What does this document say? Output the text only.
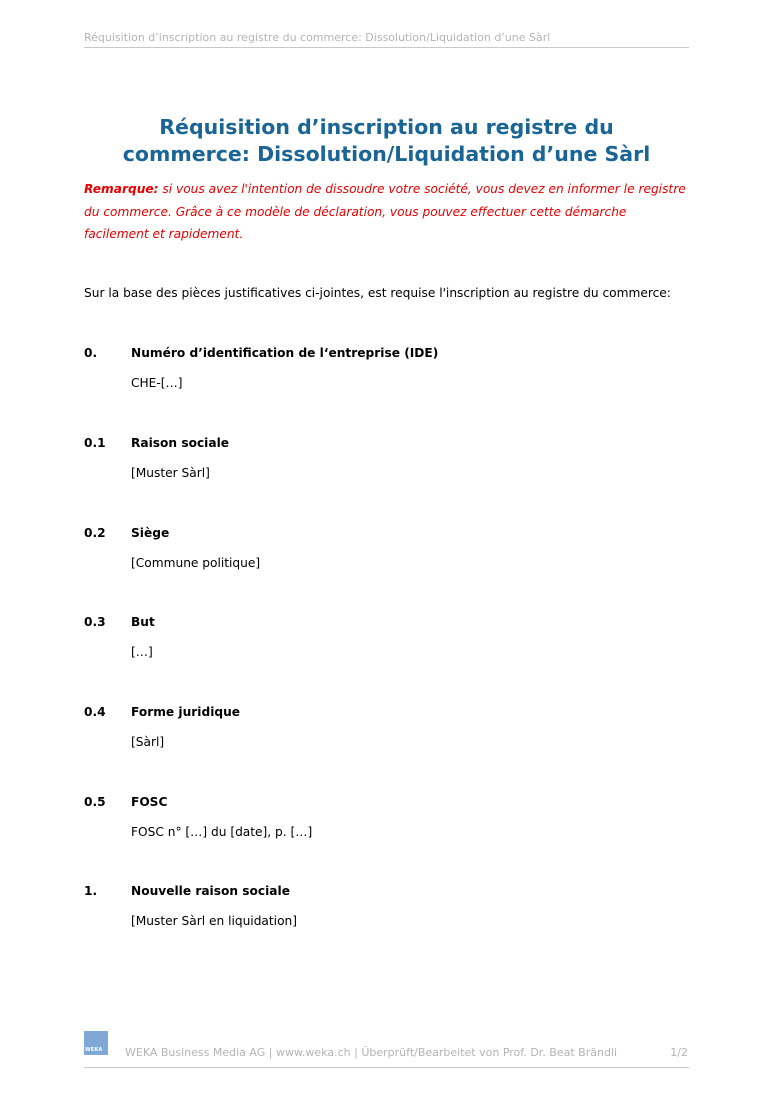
Réquisition d’inscription au registre du commerce: Dissolution/Liquidation d’une Sàrl
Réquisition d’inscription au registre du
commerce: Dissolution/Liquidation d’une Sàrl
Remarque: si vous avez l'intention de dissoudre votre société, vous devez en informer le registre du commerce. Grâce à ce modèle de déclaration, vous pouvez effectuer cette démarche facilement et rapidement.
Sur la base des pièces justificatives ci-jointes, est requise l'inscription au registre du commerce:
0.	Numéro d’identification de l‘entreprise (IDE)
CHE-[…]
0.1 Raison sociale
[Muster Sàrl]
0.2 Siège
[Commune politique]
0.3 But
[…]
0.4 Forme juridique
[Sàrl]
0.5 FOSC
FOSC n° […] du [date], p. […]
1.	Nouvelle raison sociale
[Muster Sàrl en liquidation]
WEKA WEKA Business Media AG | www.weka.ch | Überprüft/Bearbeitet von Prof. Dr. Beat Brändli	1/2
